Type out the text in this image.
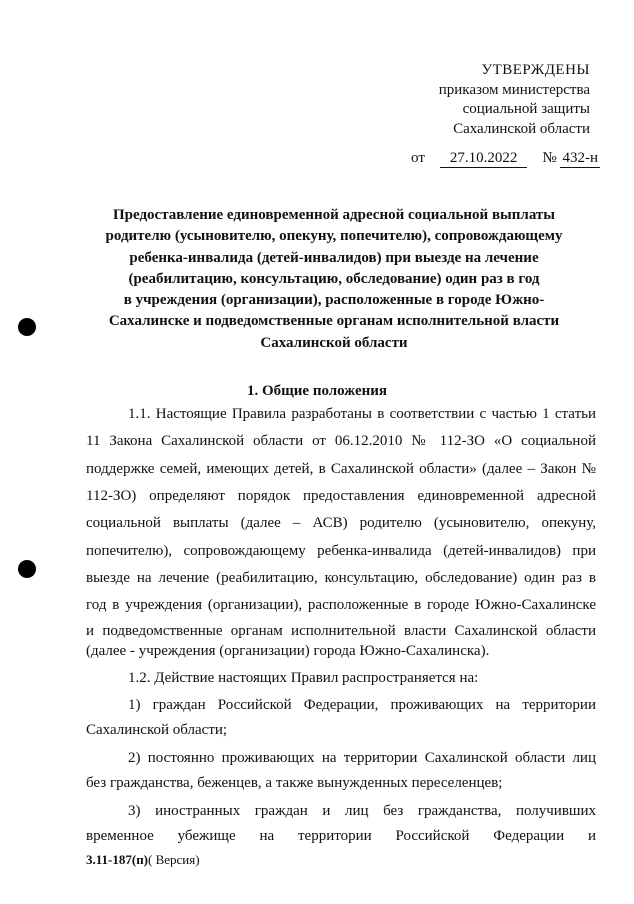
УТВЕРЖДЕНЫ
приказом министерства
социальной защиты
Сахалинской области
от 27.10.2022 № 432-н
Предоставление единовременной адресной социальной выплаты
родителю (усыновителю, опекуну, попечителю), сопровождающему
ребенка-инвалида (детей-инвалидов) при выезде на лечение
(реабилитацию, консультацию, обследование) один раз в год
в учреждения (организации), расположенные в городе Южно-
Сахалинске и подведомственные органам исполнительной власти
Сахалинской области
1. Общие положения
1.1. Настоящие Правила разработаны в соответствии с частью 1 статьи
11 Закона Сахалинской области от 06.12.2010 № 112-ЗО «О социальной
поддержке семей, имеющих детей, в Сахалинской области» (далее – Закон №
112-ЗО) определяют порядок предоставления единовременной адресной
социальной выплаты (далее – АСВ) родителю (усыновителю, опекуну,
попечителю), сопровождающему ребенка-инвалида (детей-инвалидов) при
выезде на лечение (реабилитацию, консультацию, обследование) один раз в
год в учреждения (организации), расположенные в городе Южно-Сахалинске
и подведомственные органам исполнительной власти Сахалинской области
(далее - учреждения (организации) города Южно-Сахалинска).
1.2. Действие настоящих Правил распространяется на:
1) граждан Российской Федерации, проживающих на территории
Сахалинской области;
2) постоянно проживающих на территории Сахалинской области лиц
без гражданства, беженцев, а также вынужденных переселенцев;
3) иностранных граждан и лиц без гражданства, получивших
временное убежище на территории Российской Федерации и
3.11-187(п)( Версия)
